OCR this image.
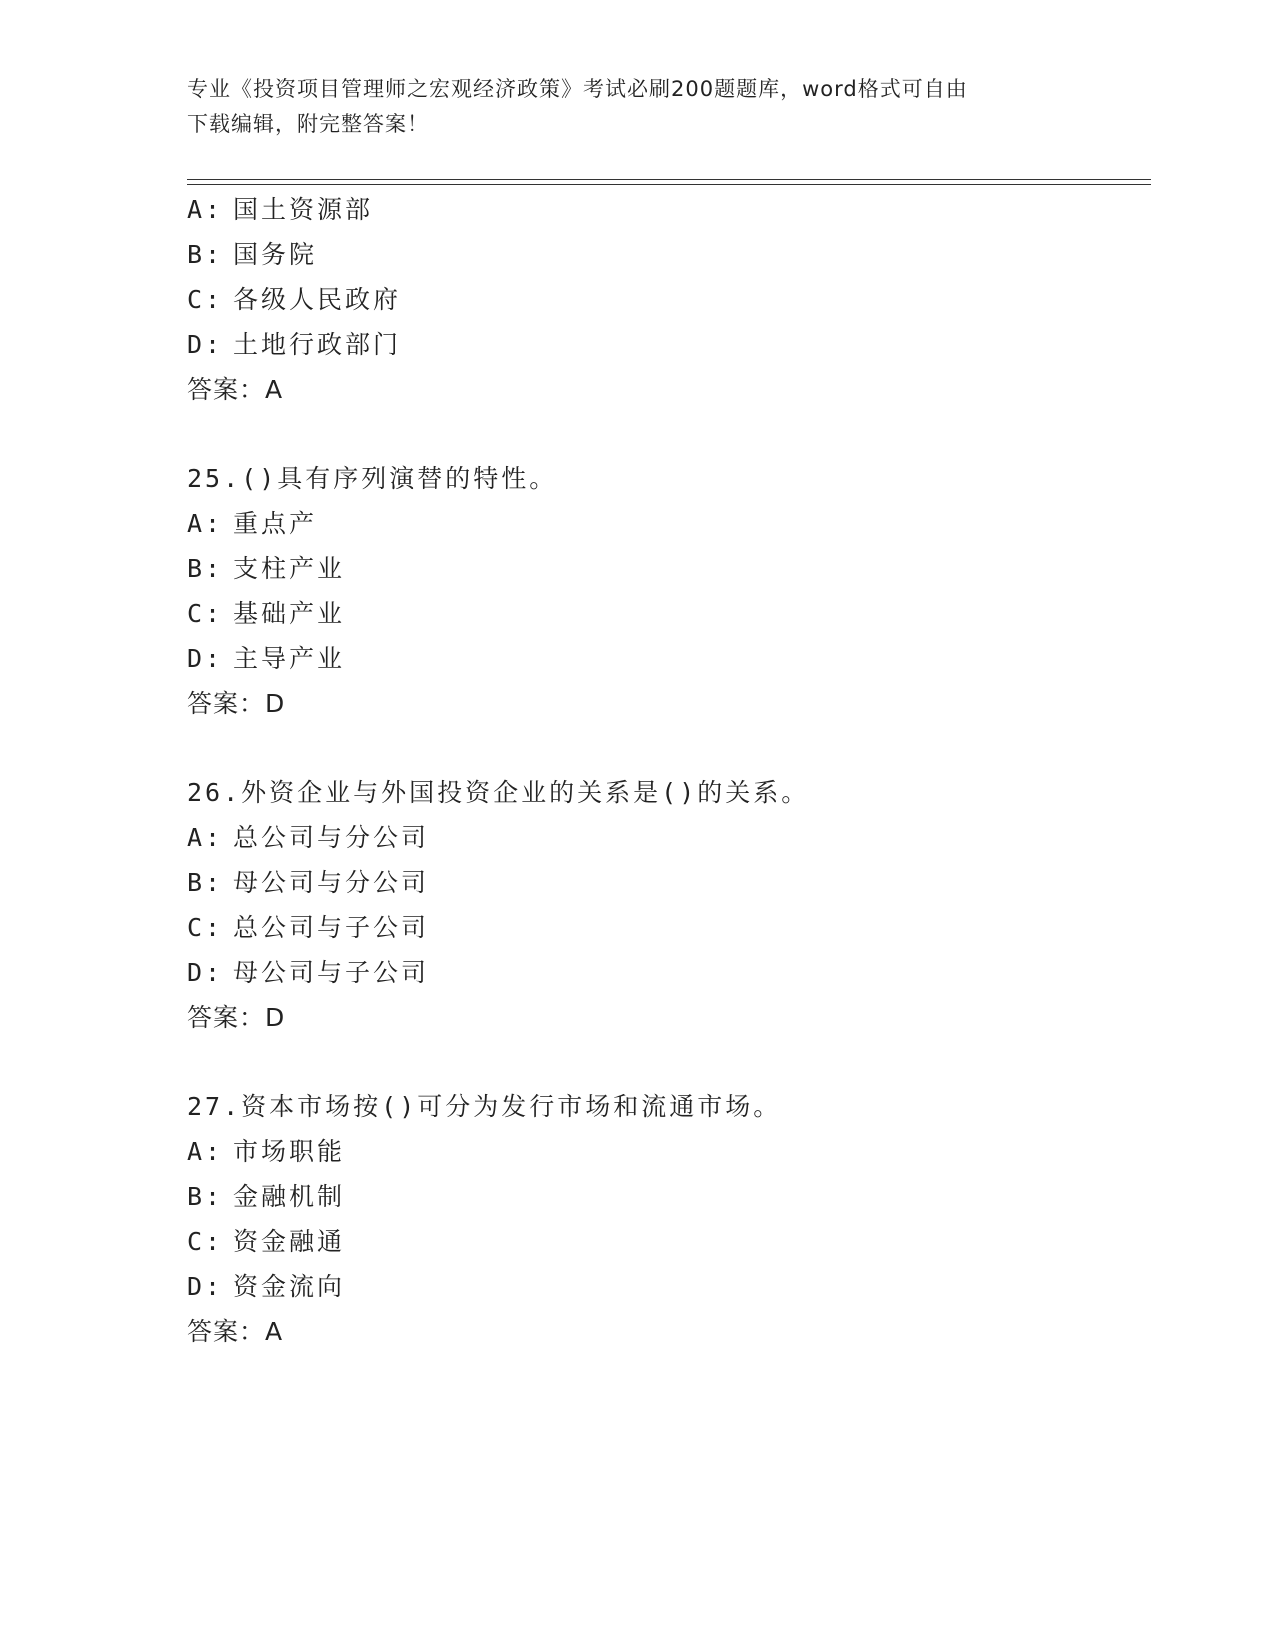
专业《投资项目管理师之宏观经济政策》考试必刷200题题库，word格式可自由
下载编辑，附完整答案！
A: 国土资源部
B: 国务院
C: 各级人民政府
D: 土地行政部门
答案：A
25.()具有序列演替的特性。
A: 重点产
B: 支柱产业
C: 基础产业
D: 主导产业
答案：D
26.外资企业与外国投资企业的关系是()的关系。
A: 总公司与分公司
B: 母公司与分公司
C: 总公司与子公司
D: 母公司与子公司
答案：D
27.资本市场按()可分为发行市场和流通市场。
A: 市场职能
B: 金融机制
C: 资金融通
D: 资金流向
答案：A
